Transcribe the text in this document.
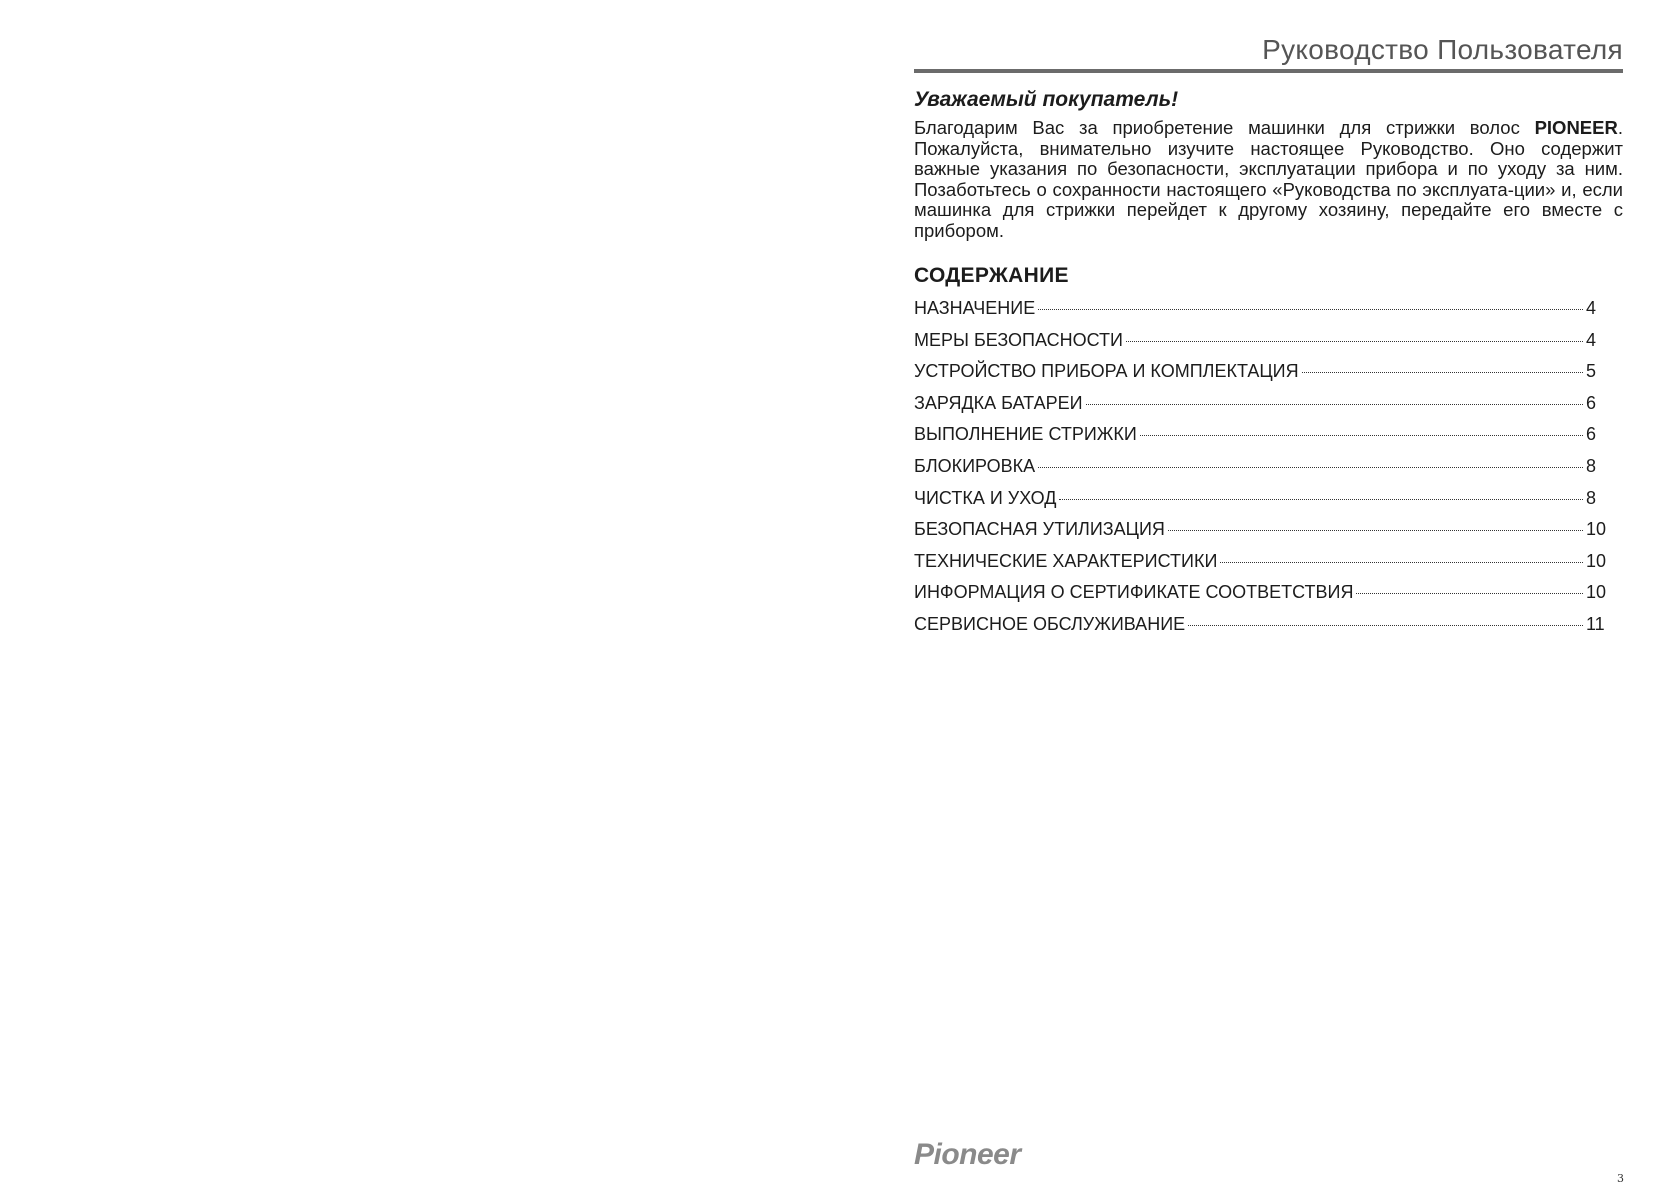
Руководство Пользователя
Уважаемый покупатель!
Благодарим Вас за приобретение машинки для стрижки волос PIONEER. Пожалуйста, внимательно изучите настоящее Руководство. Оно содержит важные указания по безопасности, эксплуатации прибора и по уходу за ним. Позаботьтесь о сохранности настоящего «Руководства по эксплуата-ции» и, если машинка для стрижки перейдет к другому хозяину, передайте его вместе с прибором.
СОДЕРЖАНИЕ
НАЗНАЧЕНИЕ	4
МЕРЫ БЕЗОПАСНОСТИ	4
УСТРОЙСТВО ПРИБОРА И КОМПЛЕКТАЦИЯ	5
ЗАРЯДКА БАТАРЕИ	6
ВЫПОЛНЕНИЕ СТРИЖКИ	6
БЛОКИРОВКА	8
ЧИСТКА И УХОД	8
БЕЗОПАСНАЯ УТИЛИЗАЦИЯ	10
ТЕХНИЧЕСКИЕ ХАРАКТЕРИСТИКИ	10
ИНФОРМАЦИЯ О СЕРТИФИКАТЕ СООТВЕТСТВИЯ	10
СЕРВИСНОЕ ОБСЛУЖИВАНИЕ	11
Pioneer
3
